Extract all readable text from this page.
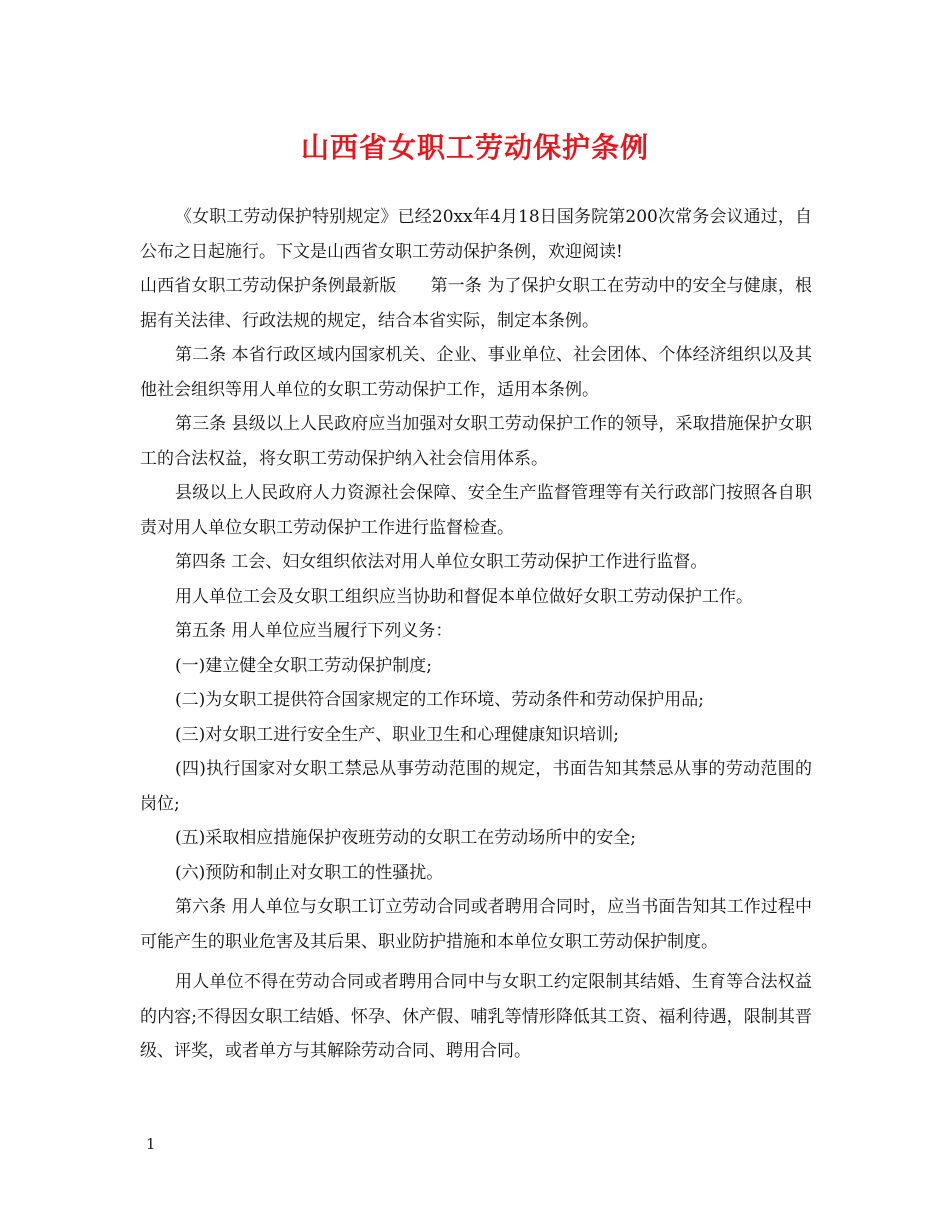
山西省女职工劳动保护条例

《女职工劳动保护特别规定》已经20xx年4月18日国务院第200次常务会议通过，自公布之日起施行。下文是山西省女职工劳动保护条例，欢迎阅读!

山西省女职工劳动保护条例最新版　　第一条 为了保护女职工在劳动中的安全与健康，根据有关法律、行政法规的规定，结合本省实际，制定本条例。

第二条 本省行政区域内国家机关、企业、事业单位、社会团体、个体经济组织以及其他社会组织等用人单位的女职工劳动保护工作，适用本条例。

第三条 县级以上人民政府应当加强对女职工劳动保护工作的领导，采取措施保护女职工的合法权益，将女职工劳动保护纳入社会信用体系。

县级以上人民政府人力资源社会保障、安全生产监督管理等有关行政部门按照各自职责对用人单位女职工劳动保护工作进行监督检查。

第四条 工会、妇女组织依法对用人单位女职工劳动保护工作进行监督。

用人单位工会及女职工组织应当协助和督促本单位做好女职工劳动保护工作。

第五条 用人单位应当履行下列义务：

(一)建立健全女职工劳动保护制度;

(二)为女职工提供符合国家规定的工作环境、劳动条件和劳动保护用品;

(三)对女职工进行安全生产、职业卫生和心理健康知识培训;

(四)执行国家对女职工禁忌从事劳动范围的规定，书面告知其禁忌从事的劳动范围的岗位;

(五)采取相应措施保护夜班劳动的女职工在劳动场所中的安全;

(六)预防和制止对女职工的性骚扰。

第六条 用人单位与女职工订立劳动合同或者聘用合同时，应当书面告知其工作过程中可能产生的职业危害及其后果、职业防护措施和本单位女职工劳动保护制度。

用人单位不得在劳动合同或者聘用合同中与女职工约定限制其结婚、生育等合法权益的内容;不得因女职工结婚、怀孕、休产假、哺乳等情形降低其工资、福利待遇，限制其晋级、评奖，或者单方与其解除劳动合同、聘用合同。

1
